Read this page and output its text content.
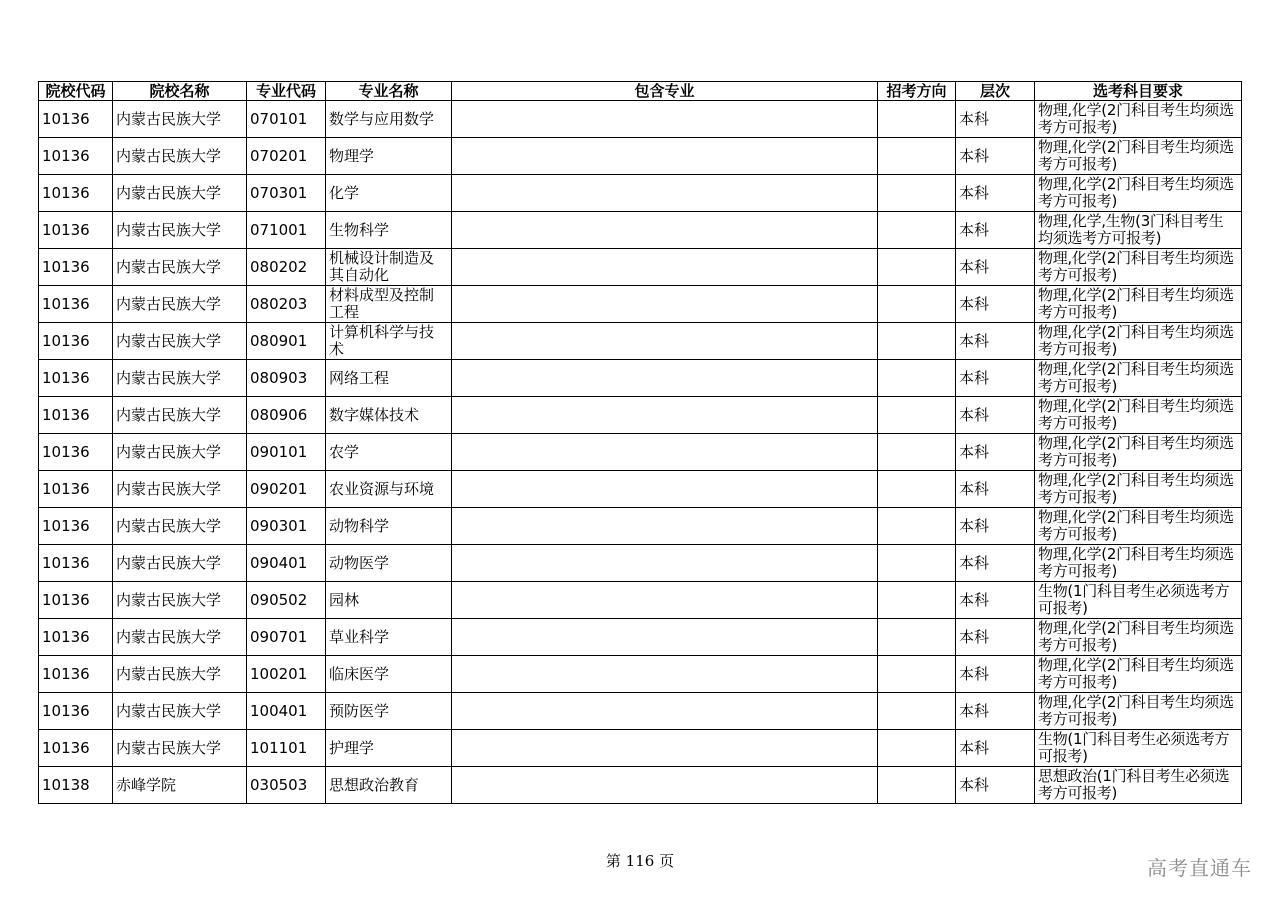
院校代码	院校名称	专业代码	专业名称	包含专业	招考方向	层次	选考科目要求
10136	内蒙古民族大学	070101	数学与应用数学			本科	物理,化学(2门科目考生均须选考方可报考)
10136	内蒙古民族大学	070201	物理学			本科	物理,化学(2门科目考生均须选考方可报考)
10136	内蒙古民族大学	070301	化学			本科	物理,化学(2门科目考生均须选考方可报考)
10136	内蒙古民族大学	071001	生物科学			本科	物理,化学,生物(3门科目考生均须选考方可报考)
10136	内蒙古民族大学	080202	机械设计制造及其自动化			本科	物理,化学(2门科目考生均须选考方可报考)
10136	内蒙古民族大学	080203	材料成型及控制工程			本科	物理,化学(2门科目考生均须选考方可报考)
10136	内蒙古民族大学	080901	计算机科学与技术			本科	物理,化学(2门科目考生均须选考方可报考)
10136	内蒙古民族大学	080903	网络工程			本科	物理,化学(2门科目考生均须选考方可报考)
10136	内蒙古民族大学	080906	数字媒体技术			本科	物理,化学(2门科目考生均须选考方可报考)
10136	内蒙古民族大学	090101	农学			本科	物理,化学(2门科目考生均须选考方可报考)
10136	内蒙古民族大学	090201	农业资源与环境			本科	物理,化学(2门科目考生均须选考方可报考)
10136	内蒙古民族大学	090301	动物科学			本科	物理,化学(2门科目考生均须选考方可报考)
10136	内蒙古民族大学	090401	动物医学			本科	物理,化学(2门科目考生均须选考方可报考)
10136	内蒙古民族大学	090502	园林			本科	生物(1门科目考生必须选考方可报考)
10136	内蒙古民族大学	090701	草业科学			本科	物理,化学(2门科目考生均须选考方可报考)
10136	内蒙古民族大学	100201	临床医学			本科	物理,化学(2门科目考生均须选考方可报考)
10136	内蒙古民族大学	100401	预防医学			本科	物理,化学(2门科目考生均须选考方可报考)
10136	内蒙古民族大学	101101	护理学			本科	生物(1门科目考生必须选考方可报考)
10138	赤峰学院	030503	思想政治教育			本科	思想政治(1门科目考生必须选考方可报考)
第 116 页	高考直通车
